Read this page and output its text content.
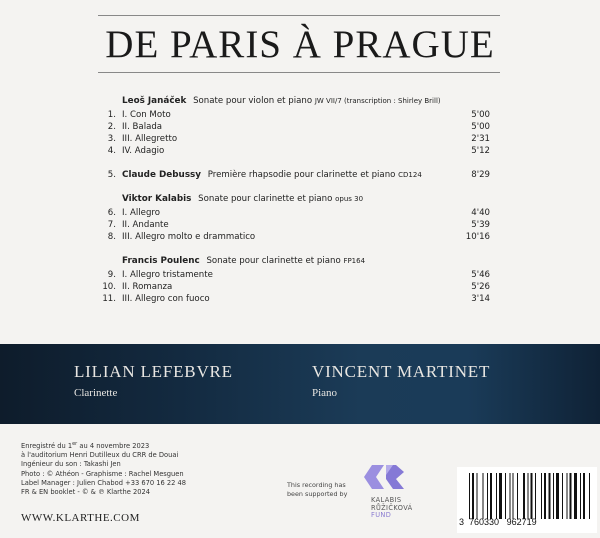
DE PARIS À PRAGUE
Leoš Janáček Sonate pour violon et piano JW VII/7 (transcription : Shirley Brill)
1. I. Con Moto	5'00
2. II. Balada	5'00
3. III. Allegretto	2'31
4. IV. Adagio	5'12
5. Claude Debussy Première rhapsodie pour clarinette et piano CD124	8'29
Viktor Kalabis Sonate pour clarinette et piano opus 30
6. I. Allegro	4'40
7. II. Andante	5'39
8. III. Allegro molto e drammatico	10'16
Francis Poulenc Sonate pour clarinette et piano FP164
9. I. Allegro tristamente	5'46
10. II. Romanza	5'26
11. III. Allegro con fuoco	3'14
LILIAN LEFEBVRE
Clarinette
VINCENT MARTINET
Piano
Enregistré du 1er au 4 novembre 2023
à l'auditorium Henri Dutilleux du CRR de Douai
Ingénieur du son : Takashi Jen
Photo : © Athéon - Graphisme : Rachel Mesguen
Label Manager : Julien Chabod +33 670 16 22 48
FR & EN booklet - © & ℗ Klarthe 2024
WWW.KLARTHE.COM
This recording has
been supported by
KALABIS
RŮŽIČKOVÁ
FUND
3 760330 962719
